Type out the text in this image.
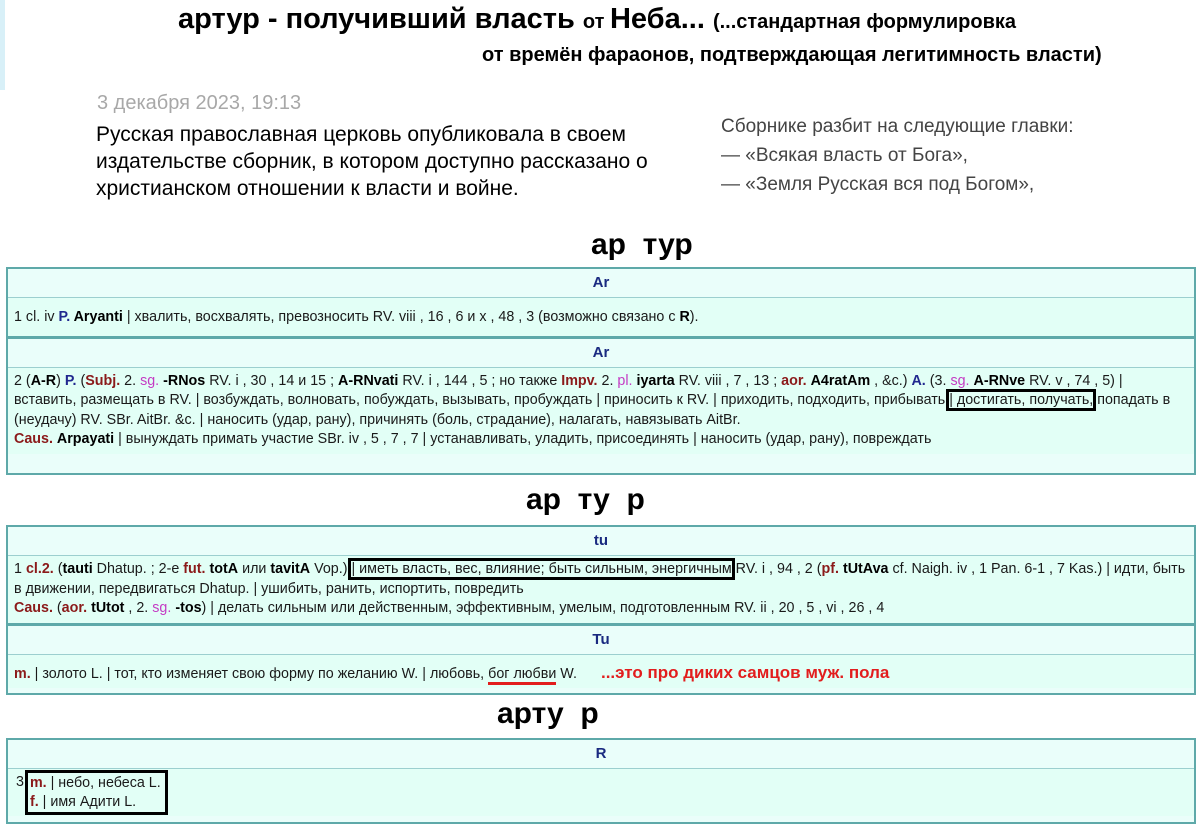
артур - получивший власть от Неба... (...стандартная формулировка
от времён фараонов, подтверждающая легитимность власти)
3 декабря 2023, 19:13
Русская православная церковь опубликовала в своем издательстве сборник, в котором доступно рассказано о христианском отношении к власти и войне.
Сборнике разбит на следующие главки:
— «Всякая власть от Бога»,
— «Земля Русская вся под Богом»,
ар  тур
Ar
1 cl. iv P. Aryanti | хвалить, восхвалять, превозносить RV. viii , 16 , 6 и x , 48 , 3 (возможно связано с R).
Ar
2 (A-R) P. (Subj. 2. sg. -RNos RV. i , 30 , 14 и 15 ; A-RNvati RV. i , 144 , 5 ; но также Impv. 2. pl. iyarta RV. viii , 7 , 13 ; aor. A4ratAm , &c.) A. (3. sg. A-RNve RV. v , 74 , 5) | вставить, размещать в RV. | возбуждать, волновать, побуждать, вызывать, пробуждать | приносить к RV. | приходить, подходить, прибывать | достигать, получать, попадать в (неудачу) RV. SBr. AitBr. &c. | наносить (удар, рану), причинять (боль, страдание), налагать, навязывать AitBr.
Caus. Arpayati | вынуждать примать участие SBr. iv , 5 , 7 , 7 | устанавливать, уладить, присоединять | наносить (удар, рану), повреждать
ар  ту  р
tu
1 cl.2. (tauti Dhatup. ; 2-е fut. totA или tavitA Vop.) | иметь власть, вес, влияние; быть сильным, энергичным RV. i , 94 , 2 (pf. tUtAva cf. Naigh. iv , 1 Pan. 6-1 , 7 Kas.) | идти, быть в движении, передвигаться Dhatup. | ушибить, ранить, испортить, повредить
Caus. (aor. tUtot , 2. sg. -tos) | делать сильным или действенным, эффективным, умелым, подготовленным RV. ii , 20 , 5 , vi , 26 , 4
Tu
m. | золото L. | тот, кто изменяет свою форму по желанию W. | любовь, бог любви W. ...это про диких самцов муж. пола
арту  р
R
3 m. | небо, небеса L.
f. | имя Адити L.
